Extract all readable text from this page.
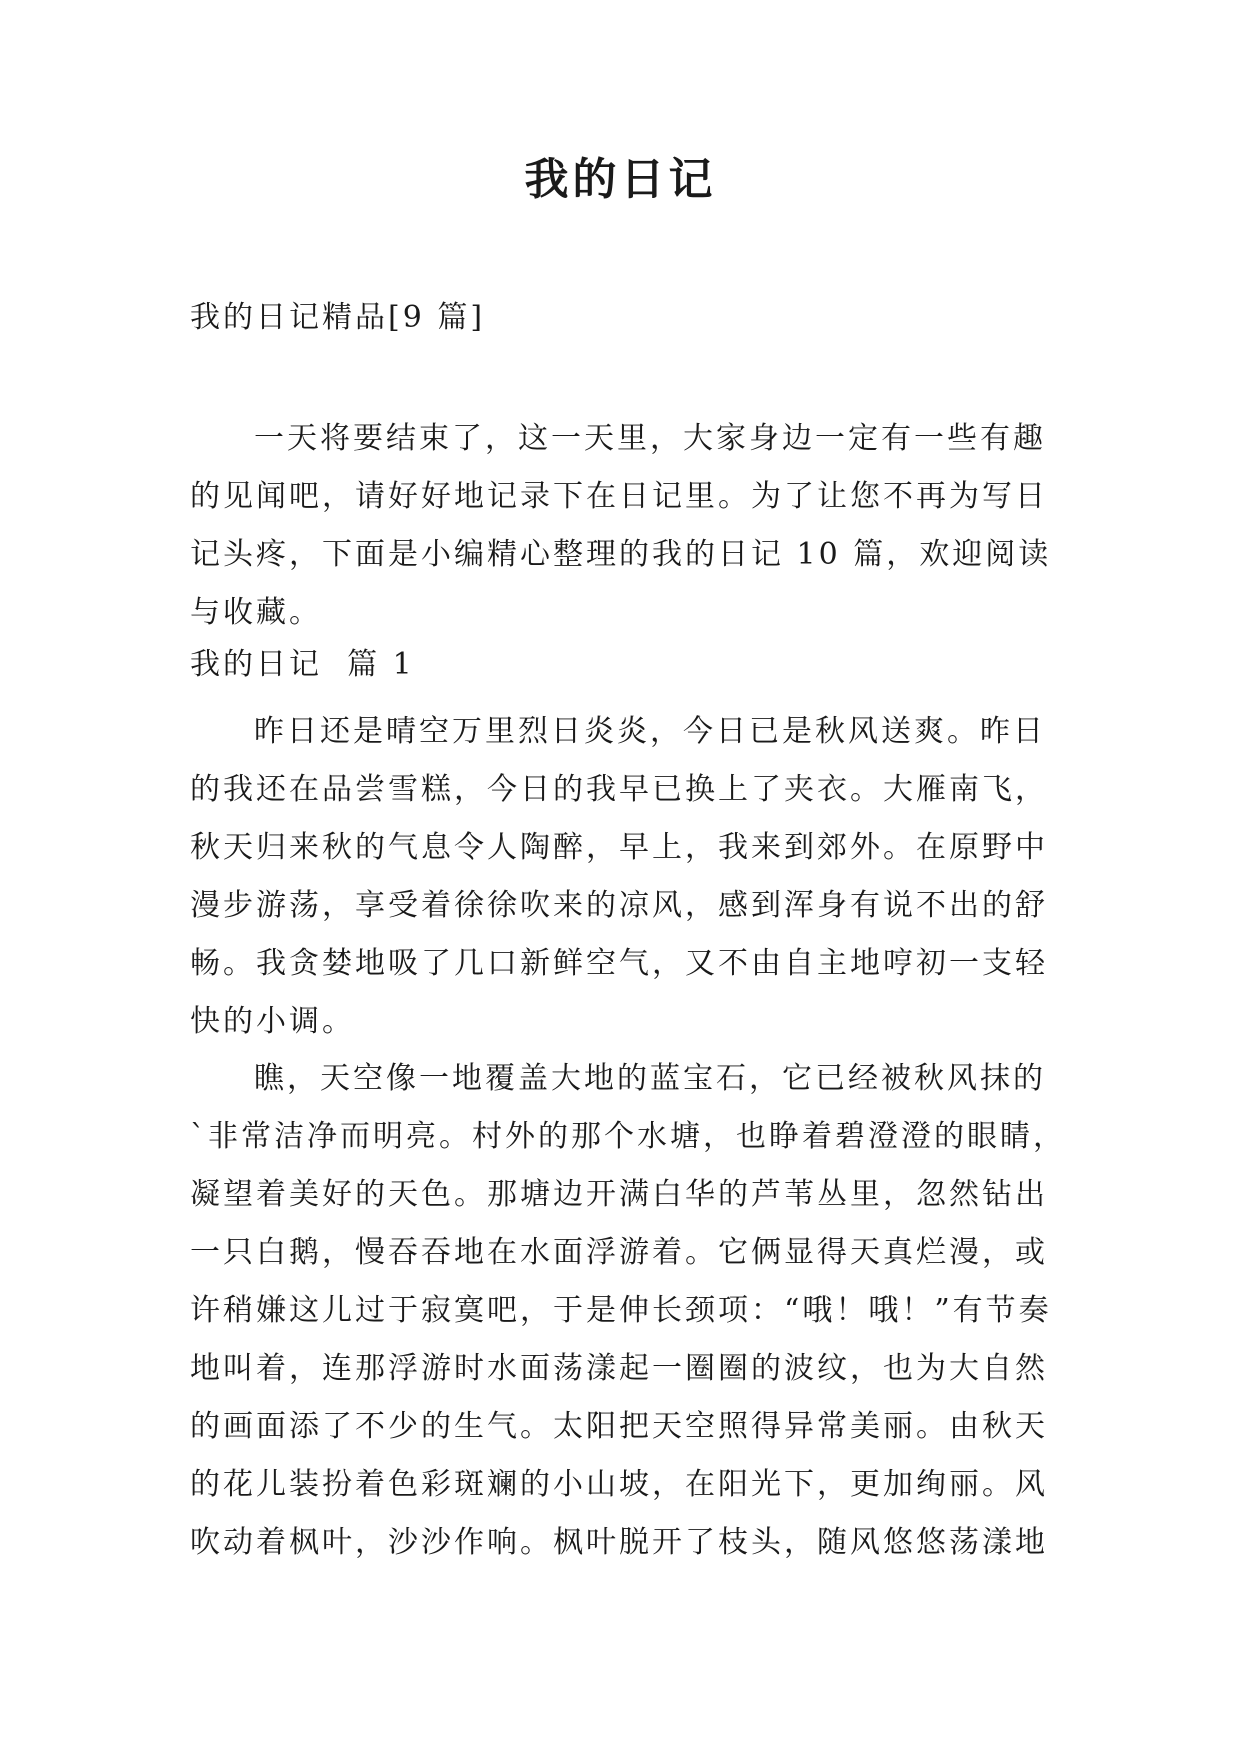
我的日记
我的日记精品[9 篇]
一天将要结束了，这一天里，大家身边一定有一些有趣
的见闻吧，请好好地记录下在日记里。为了让您不再为写日
记头疼，下面是小编精心整理的我的日记 10 篇，欢迎阅读
与收藏。
我的日记  篇 1
昨日还是晴空万里烈日炎炎，今日已是秋风送爽。昨日
的我还在品尝雪糕，今日的我早已换上了夹衣。大雁南飞，
秋天归来秋的气息令人陶醉，早上，我来到郊外。在原野中
漫步游荡，享受着徐徐吹来的凉风，感到浑身有说不出的舒
畅。我贪婪地吸了几口新鲜空气，又不由自主地哼初一支轻
快的小调。
瞧，天空像一地覆盖大地的蓝宝石，它已经被秋风抹的
`非常洁净而明亮。村外的那个水塘，也睁着碧澄澄的眼睛，
凝望着美好的天色。那塘边开满白华的芦苇丛里，忽然钻出
一只白鹅，慢吞吞地在水面浮游着。它俩显得天真烂漫，或
许稍嫌这儿过于寂寞吧，于是伸长颈项：“哦！哦！”有节奏
地叫着，连那浮游时水面荡漾起一圈圈的波纹，也为大自然
的画面添了不少的生气。太阳把天空照得异常美丽。由秋天
的花儿装扮着色彩斑斓的小山坡，在阳光下，更加绚丽。风
吹动着枫叶，沙沙作响。枫叶脱开了枝头，随风悠悠荡漾地
